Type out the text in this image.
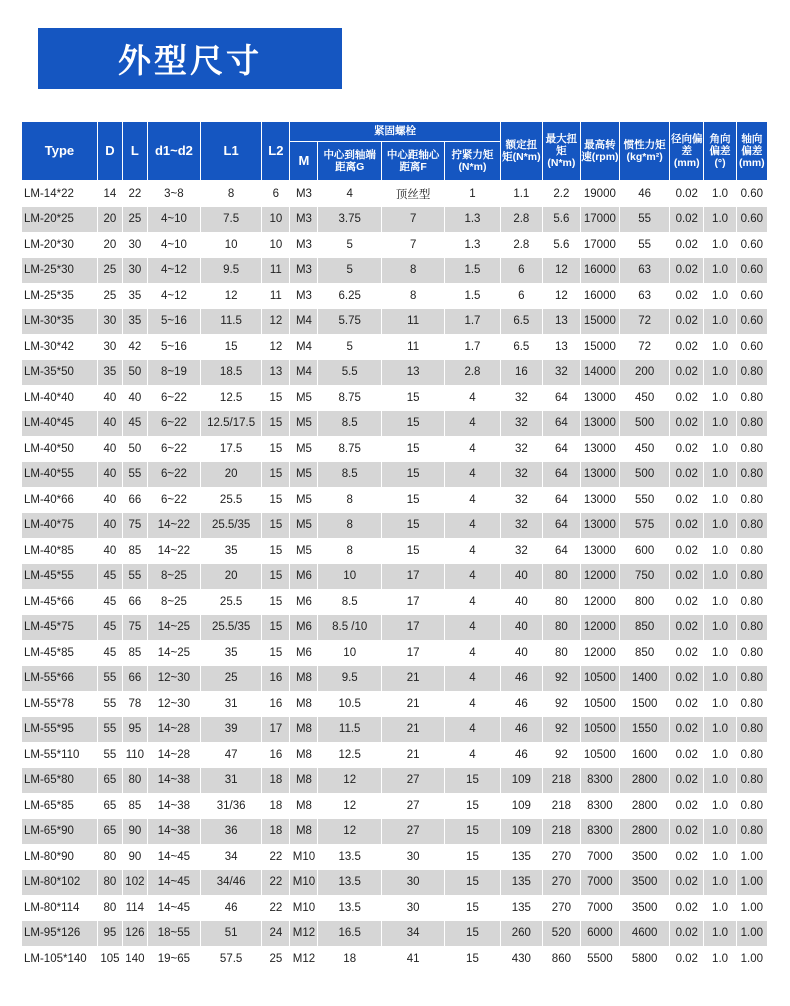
外型尺寸
Type	D	L	d1~d2	L1	L2	紧固螺栓				额定扭矩(N*m)	最大扭矩(N*m)	最高转速(rpm)	惯性力矩(kg*m²)	径向偏差(mm)	角向偏差(°)	轴向偏差(mm)
						M	中心到轴端距离G	中心距轴心距离F	拧紧力矩(N*m)							
LM-14*22	14	22	3~8	8	6	M3	4	顶丝型	1	1.1	2.2	19000	46	0.02	1.0	0.60
LM-20*25	20	25	4~10	7.5	10	M3	3.75	7	1.3	2.8	5.6	17000	55	0.02	1.0	0.60
LM-20*30	20	30	4~10	10	10	M3	5	7	1.3	2.8	5.6	17000	55	0.02	1.0	0.60
LM-25*30	25	30	4~12	9.5	11	M3	5	8	1.5	6	12	16000	63	0.02	1.0	0.60
LM-25*35	25	35	4~12	12	11	M3	6.25	8	1.5	6	12	16000	63	0.02	1.0	0.60
LM-30*35	30	35	5~16	11.5	12	M4	5.75	11	1.7	6.5	13	15000	72	0.02	1.0	0.60
LM-30*42	30	42	5~16	15	12	M4	5	11	1.7	6.5	13	15000	72	0.02	1.0	0.60
LM-35*50	35	50	8~19	18.5	13	M4	5.5	13	2.8	16	32	14000	200	0.02	1.0	0.80
LM-40*40	40	40	6~22	12.5	15	M5	8.75	15	4	32	64	13000	450	0.02	1.0	0.80
LM-40*45	40	45	6~22	12.5/17.5	15	M5	8.5	15	4	32	64	13000	500	0.02	1.0	0.80
LM-40*50	40	50	6~22	17.5	15	M5	8.75	15	4	32	64	13000	450	0.02	1.0	0.80
LM-40*55	40	55	6~22	20	15	M5	8.5	15	4	32	64	13000	500	0.02	1.0	0.80
LM-40*66	40	66	6~22	25.5	15	M5	8	15	4	32	64	13000	550	0.02	1.0	0.80
LM-40*75	40	75	14~22	25.5/35	15	M5	8	15	4	32	64	13000	575	0.02	1.0	0.80
LM-40*85	40	85	14~22	35	15	M5	8	15	4	32	64	13000	600	0.02	1.0	0.80
LM-45*55	45	55	8~25	20	15	M6	10	17	4	40	80	12000	750	0.02	1.0	0.80
LM-45*66	45	66	8~25	25.5	15	M6	8.5	17	4	40	80	12000	800	0.02	1.0	0.80
LM-45*75	45	75	14~25	25.5/35	15	M6	8.5 /10	17	4	40	80	12000	850	0.02	1.0	0.80
LM-45*85	45	85	14~25	35	15	M6	10	17	4	40	80	12000	850	0.02	1.0	0.80
LM-55*66	55	66	12~30	25	16	M8	9.5	21	4	46	92	10500	1400	0.02	1.0	0.80
LM-55*78	55	78	12~30	31	16	M8	10.5	21	4	46	92	10500	1500	0.02	1.0	0.80
LM-55*95	55	95	14~28	39	17	M8	11.5	21	4	46	92	10500	1550	0.02	1.0	0.80
LM-55*110	55	110	14~28	47	16	M8	12.5	21	4	46	92	10500	1600	0.02	1.0	0.80
LM-65*80	65	80	14~38	31	18	M8	12	27	15	109	218	8300	2800	0.02	1.0	0.80
LM-65*85	65	85	14~38	31/36	18	M8	12	27	15	109	218	8300	2800	0.02	1.0	0.80
LM-65*90	65	90	14~38	36	18	M8	12	27	15	109	218	8300	2800	0.02	1.0	0.80
LM-80*90	80	90	14~45	34	22	M10	13.5	30	15	135	270	7000	3500	0.02	1.0	1.00
LM-80*102	80	102	14~45	34/46	22	M10	13.5	30	15	135	270	7000	3500	0.02	1.0	1.00
LM-80*114	80	114	14~45	46	22	M10	13.5	30	15	135	270	7000	3500	0.02	1.0	1.00
LM-95*126	95	126	18~55	51	24	M12	16.5	34	15	260	520	6000	4600	0.02	1.0	1.00
LM-105*140	105	140	19~65	57.5	25	M12	18	41	15	430	860	5500	5800	0.02	1.0	1.00
